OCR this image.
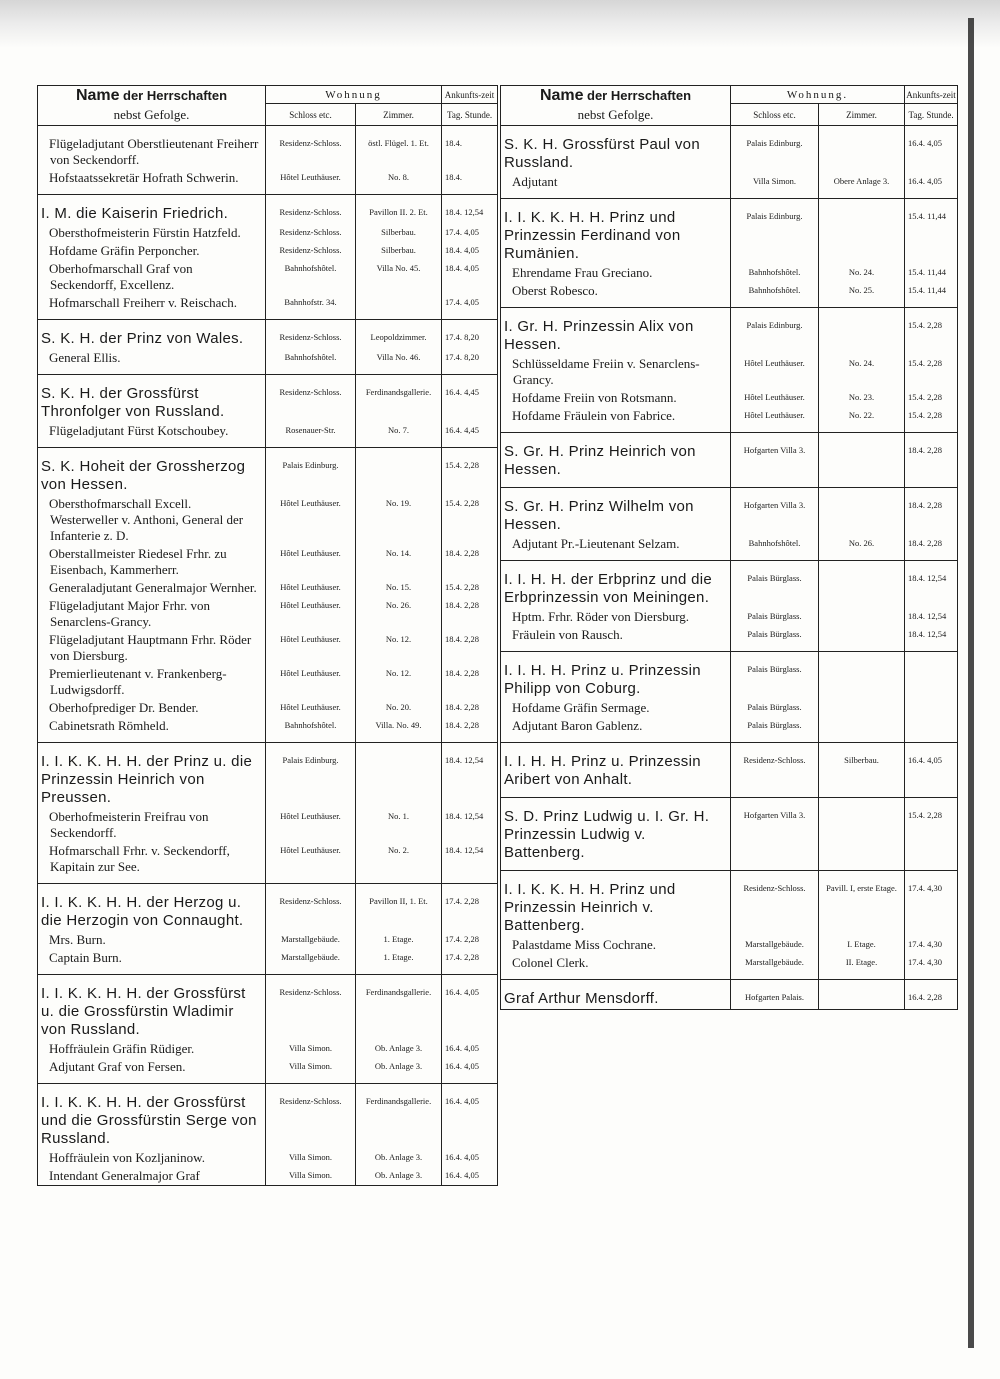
Name der Herrschaften
nebst Gefolge.	Wohnung		Ankunfts-zeit
	Schloss etc.	Zimmer.	Tag. Stunde.
Flügeladjutant Oberstlieutenant Freiherr von Seckendorff.	Residenz-Schloss.	östl. Flügel. 1. Et.	18.4.
Hofstaatssekretär Hofrath Schwerin.	Hôtel Leuthäuser.	No. 8.	18.4.
I. M. die Kaiserin Friedrich.	Residenz-Schloss.	Pavillon II. 2. Et.	18.4. 12,54
Obersthofmeisterin Fürstin Hatzfeld.	Residenz-Schloss.	Silberbau.	17.4. 4,05
Hofdame Gräfin Perponcher.	Residenz-Schloss.	Silberbau.	18.4. 4,05
Oberhofmarschall Graf von Seckendorff, Excellenz.	Bahnhofshôtel.	Villa No. 45.	18.4. 4,05
Hofmarschall Freiherr v. Reischach.	Bahnhofstr. 34.		17.4. 4,05
S. K. H. der Prinz von Wales.	Residenz-Schloss.	Leopoldzimmer.	17.4. 8,20
General Ellis.	Bahnhofshôtel.	Villa No. 46.	17.4. 8,20
S. K. H. der Grossfürst Thronfolger von Russland.	Residenz-Schloss.	Ferdinandsgallerie.	16.4. 4,45
Flügeladjutant Fürst Kotschoubey.	Rosenauer-Str.	No. 7.	16.4. 4,45
S. K. Hoheit der Grossherzog von Hessen.	Palais Edinburg.		15.4. 2,28
Obersthofmarschall Excell. Westerweller v. Anthoni, General der Infanterie z. D.	Hôtel Leuthäuser.	No. 19.	15.4. 2,28
Oberstallmeister Riedesel Frhr. zu Eisenbach, Kammerherr.	Hôtel Leuthäuser.	No. 14.	18.4. 2,28
Generaladjutant Generalmajor Wernher.	Hôtel Leuthäuser.	No. 15.	15.4. 2,28
Flügeladjutant Major Frhr. von Senarclens-Grancy.	Hôtel Leuthäuser.	No. 26.	18.4. 2,28
Flügeladjutant Hauptmann Frhr. Röder von Diersburg.	Hôtel Leuthäuser.	No. 12.	18.4. 2,28
Premierlieutenant v. Frankenberg-Ludwigsdorff.	Hôtel Leuthäuser.	No. 12.	18.4. 2,28
Oberhofprediger Dr. Bender.	Hôtel Leuthäuser.	No. 20.	18.4. 2,28
Cabinetsrath Römheld.	Bahnhofshôtel.	Villa. No. 49.	18.4. 2,28
I. I. K. K. H. H. der Prinz u. die Prinzessin Heinrich von Preussen.	Palais Edinburg.		18.4. 12,54
Oberhofmeisterin Freifrau von Seckendorff.	Hôtel Leuthäuser.	No. 1.	18.4. 12,54
Hofmarschall Frhr. v. Seckendorff, Kapitain zur See.	Hôtel Leuthäuser.	No. 2.	18.4. 12,54
I. I. K. K. H. H. der Herzog u. die Herzogin von Connaught.	Residenz-Schloss.	Pavillon II, 1. Et.	17.4. 2,28
Mrs. Burn.	Marstallgebäude.	1. Etage.	17.4. 2,28
Captain Burn.	Marstallgebäude.	1. Etage.	17.4. 2,28
I. I. K. K. H. H. der Grossfürst u. die Grossfürstin Wladimir von Russland.	Residenz-Schloss.	Ferdinandsgallerie.	16.4. 4,05
Hoffräulein Gräfin Rüdiger.	Villa Simon.	Ob. Anlage 3.	16.4. 4,05
Adjutant Graf von Fersen.	Villa Simon.	Ob. Anlage 3.	16.4. 4,05
I. I. K. K. H. H. der Grossfürst und die Grossfürstin Serge von Russland.	Residenz-Schloss.	Ferdinandsgallerie.	16.4. 4,05
Hoffräulein von Kozljaninow.	Villa Simon.	Ob. Anlage 3.	16.4. 4,05
Intendant Generalmajor Graf	Villa Simon.	Ob. Anlage 3.	16.4. 4,05
Name der Herrschaften
nebst Gefolge.	Wohnung.		Ankunfts-zeit
	Schloss etc.	Zimmer.	Tag. Stunde.
S. K. H. Grossfürst Paul von Russland.	Palais Edinburg.		16.4. 4,05
Adjutant	Villa Simon.	Obere Anlage 3.	16.4. 4,05
I. I. K. K. H. H. Prinz und Prinzessin Ferdinand von Rumänien.	Palais Edinburg.		15.4. 11,44
Ehrendame Frau Greciano.	Bahnhofshôtel.	No. 24.	15.4. 11,44
Oberst Robesco.	Bahnhofshôtel.	No. 25.	15.4. 11,44
I. Gr. H. Prinzessin Alix von Hessen.	Palais Edinburg.		15.4. 2,28
Schlüsseldame Freiin v. Senarclens-Grancy.	Hôtel Leuthäuser.	No. 24.	15.4. 2,28
Hofdame Freiin von Rotsmann.	Hôtel Leuthäuser.	No. 23.	15.4. 2,28
Hofdame Fräulein von Fabrice.	Hôtel Leuthäuser.	No. 22.	15.4. 2,28
S. Gr. H. Prinz Heinrich von Hessen.	Hofgarten Villa 3.		18.4. 2,28
S. Gr. H. Prinz Wilhelm von Hessen.	Hofgarten Villa 3.		18.4. 2,28
Adjutant Pr.-Lieutenant Selzam.	Bahnhofshôtel.	No. 26.	18.4. 2,28
I. I. H. H. der Erbprinz und die Erbprinzessin von Meiningen.	Palais Bürglass.		18.4. 12,54
Hptm. Frhr. Röder von Diersburg.	Palais Bürglass.		18.4. 12,54
Fräulein von Rausch.	Palais Bürglass.		18.4. 12,54
I. I. H. H. Prinz u. Prinzessin Philipp von Coburg.	Palais Bürglass.		
Hofdame Gräfin Sermage.	Palais Bürglass.		
Adjutant Baron Gablenz.	Palais Bürglass.		
I. I. H. H. Prinz u. Prinzessin Aribert von Anhalt.	Residenz-Schloss.	Silberbau.	16.4. 4,05
S. D. Prinz Ludwig u. I. Gr. H. Prinzessin Ludwig v. Battenberg.	Hofgarten Villa 3.		15.4. 2,28
I. I. K. K. H. H. Prinz und Prinzessin Heinrich v. Battenberg.	Residenz-Schloss.	Pavill. I, erste Etage.	17.4. 4,30
Palastdame Miss Cochrane.	Marstallgebäude.	I. Etage.	17.4. 4,30
Colonel Clerk.	Marstallgebäude.	II. Etage.	17.4. 4,30
Graf Arthur Mensdorff.	Hofgarten Palais.		16.4. 2,28
